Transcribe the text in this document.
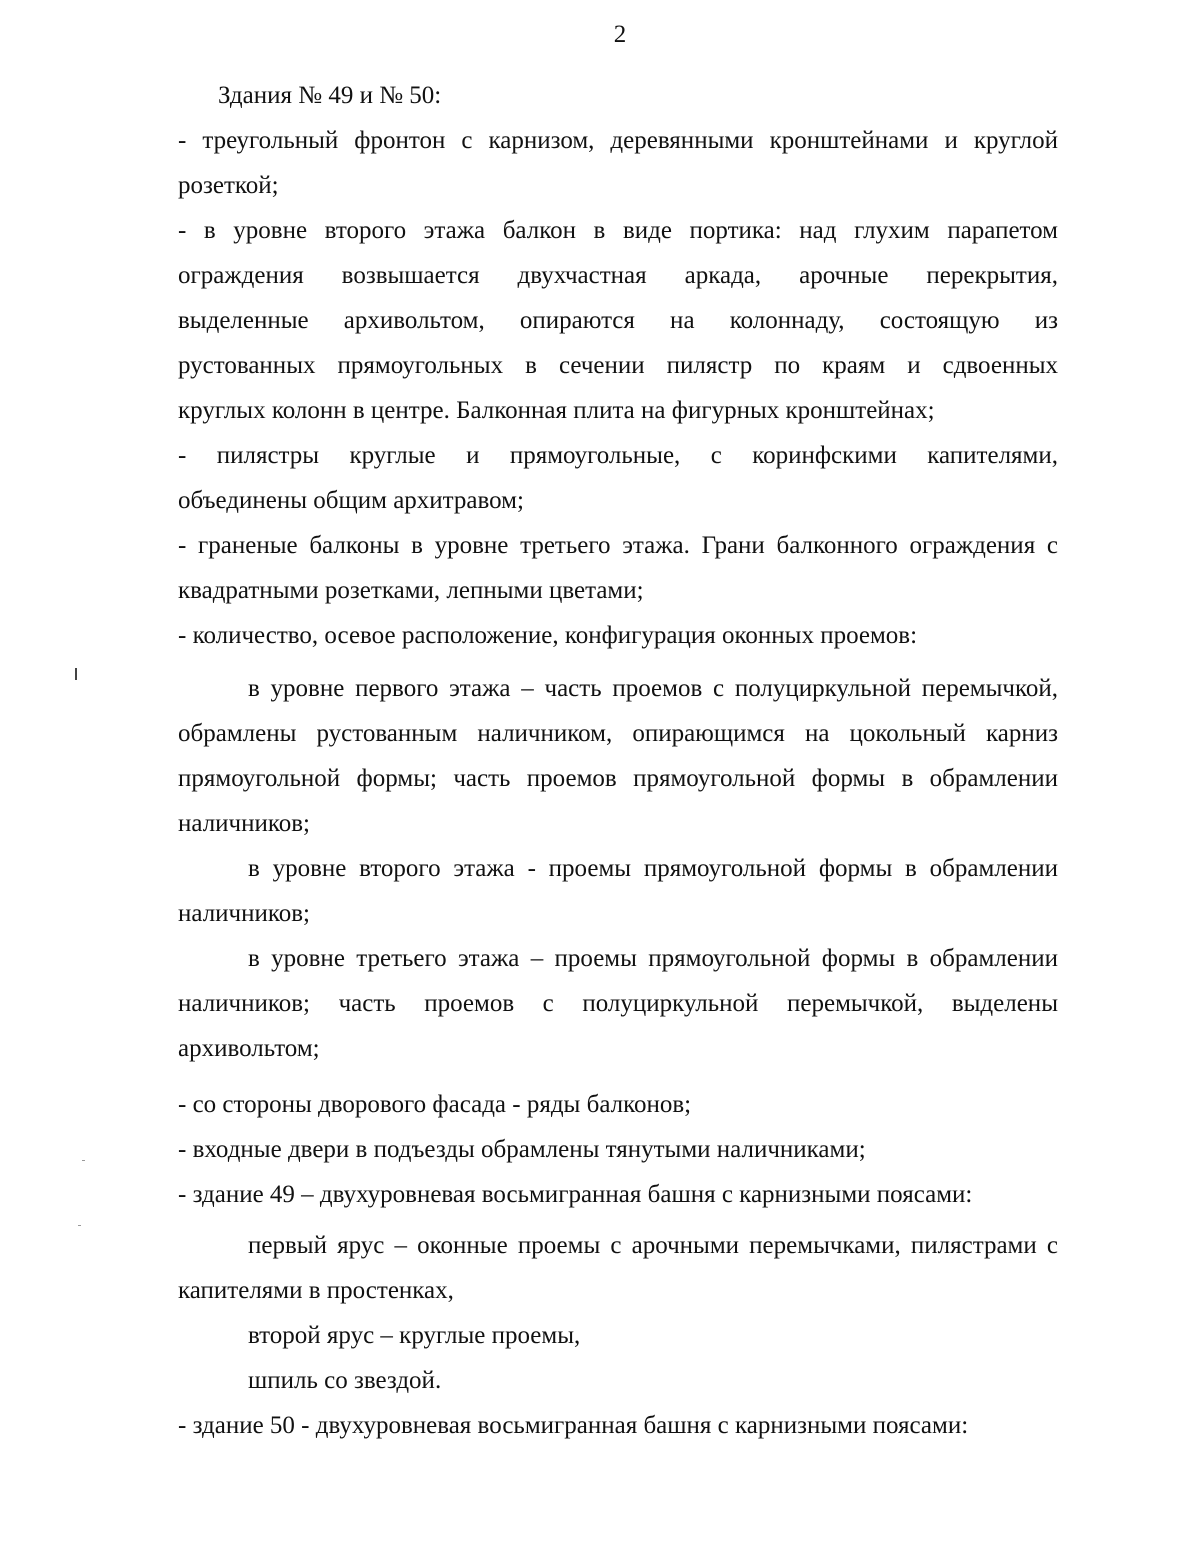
2
Здания № 49 и № 50:
- треугольный фронтон с карнизом, деревянными кронштейнами и круглой
розеткой;
- в уровне второго этажа балкон в виде портика: над глухим парапетом
ограждения возвышается двухчастная аркада, арочные перекрытия,
выделенные архивольтом, опираются на колоннаду, состоящую из
рустованных прямоугольных в сечении пилястр по краям и сдвоенных
круглых колонн в центре. Балконная плита на фигурных кронштейнах;
- пилястры круглые и прямоугольные, с коринфскими капителями,
объединены общим архитравом;
- граненые балконы в уровне третьего этажа. Грани балконного ограждения с
квадратными розетками, лепными цветами;
- количество, осевое расположение, конфигурация оконных проемов:
в уровне первого этажа – часть проемов с полуциркульной перемычкой,
обрамлены рустованным наличником, опирающимся на цокольный карниз
прямоугольной формы; часть проемов прямоугольной формы в обрамлении
наличников;
в уровне второго этажа - проемы прямоугольной формы в обрамлении
наличников;
в уровне третьего этажа – проемы прямоугольной формы в обрамлении
наличников; часть проемов с полуциркульной перемычкой, выделены
архивольтом;
- со стороны дворового фасада - ряды балконов;
- входные двери в подъезды обрамлены тянутыми наличниками;
- здание 49 – двухуровневая восьмигранная башня с карнизными поясами:
первый ярус – оконные проемы с арочными перемычками, пилястрами с
капителями в простенках,
второй ярус – круглые проемы,
шпиль со звездой.
- здание 50 - двухуровневая восьмигранная башня с карнизными поясами:
